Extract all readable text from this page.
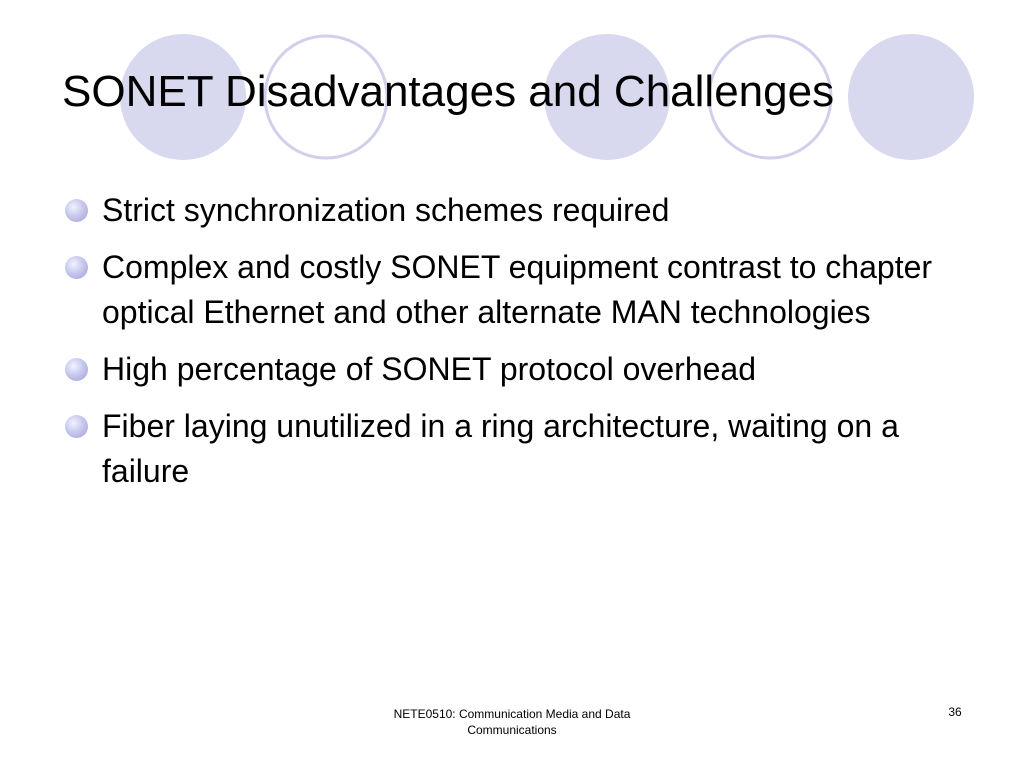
SONET Disadvantages and Challenges
Strict synchronization schemes required
Complex and costly SONET equipment contrast to chapter optical Ethernet and other alternate MAN technologies
High percentage of SONET protocol overhead
Fiber laying unutilized in a ring architecture, waiting on a failure

NETE0510: Communication Media and Data Communications

36
